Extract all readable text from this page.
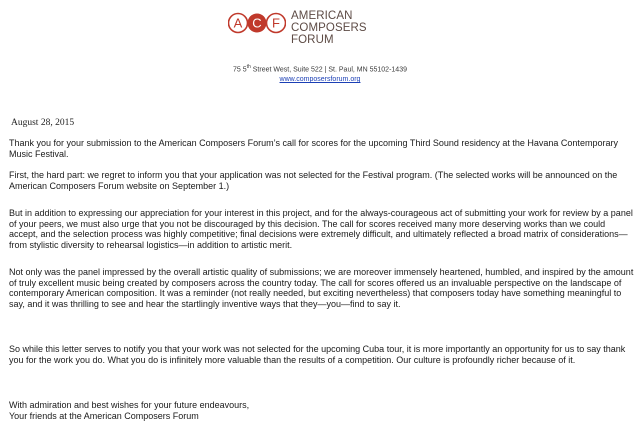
A C F AMERICAN
COMPOSERS
FORUM
75 5th Street West, Suite 522 | St. Paul, MN 55102-1439
www.composersforum.org
August 28, 2015
Thank you for your submission to the American Composers Forum’s call for scores for the upcoming Third Sound residency at the Havana Contemporary Music Festival.
First, the hard part: we regret to inform you that your application was not selected for the Festival program. (The selected works will be announced on the American Composers Forum website on September 1.)
But in addition to expressing our appreciation for your interest in this project, and for the always-courageous act of submitting your work for review by a panel of your peers, we must also urge that you not be discouraged by this decision. The call for scores received many more deserving works than we could accept, and the selection process was highly competitive; final decisions were extremely difficult, and ultimately reflected a broad matrix of considerations—from stylistic diversity to rehearsal logistics—in addition to artistic merit.
Not only was the panel impressed by the overall artistic quality of submissions; we are moreover immensely heartened, humbled, and inspired by the amount of truly excellent music being created by composers across the country today. The call for scores offered us an invaluable perspective on the landscape of contemporary American composition. It was a reminder (not really needed, but exciting nevertheless) that composers today have something meaningful to say, and it was thrilling to see and hear the startlingly inventive ways that they—you—find to say it.
So while this letter serves to notify you that your work was not selected for the upcoming Cuba tour, it is more importantly an opportunity for us to say thank you for the work you do. What you do is infinitely more valuable than the results of a competition. Our culture is profoundly richer because of it.
With admiration and best wishes for your future endeavours,
Your friends at the American Composers Forum
